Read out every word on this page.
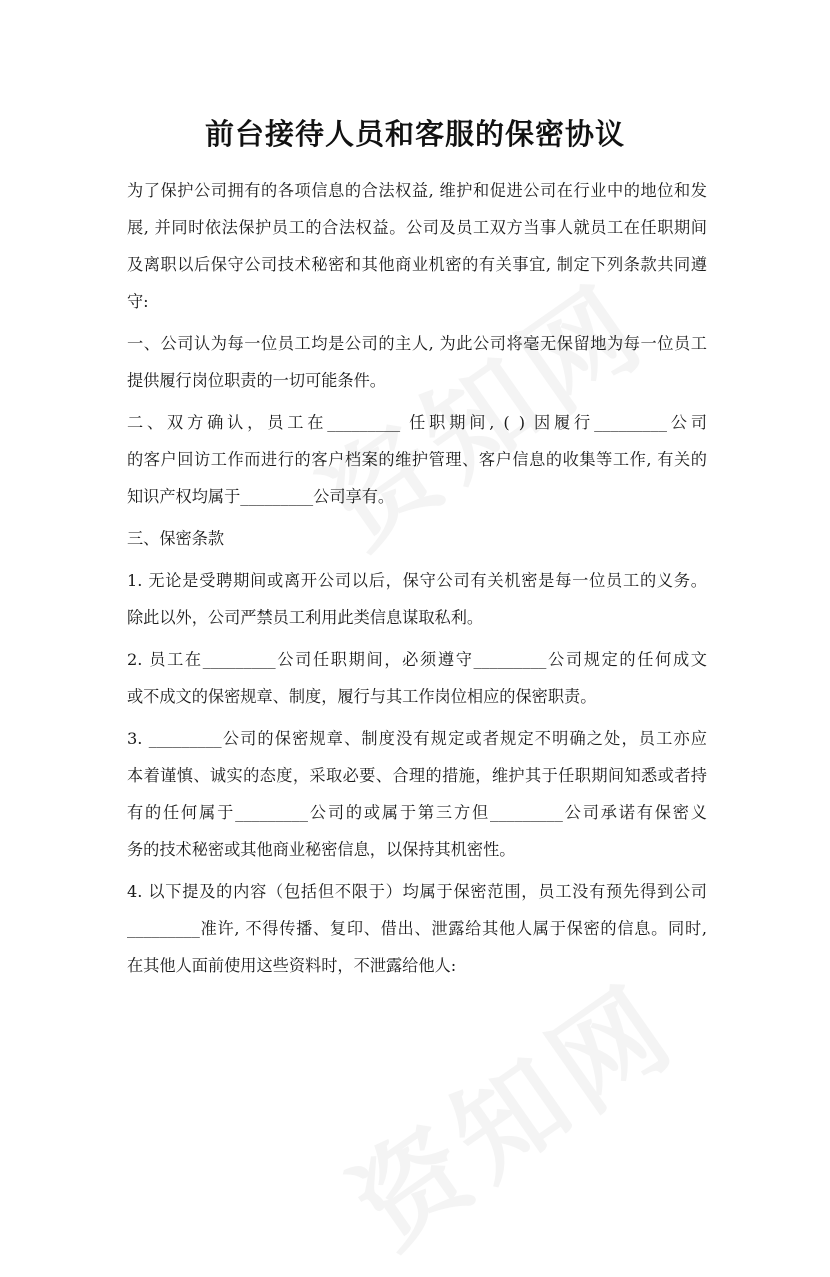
前台接待人员和客服的保密协议
为了保护公司拥有的各项信息的合法权益, 维护和促进公司在行业中的地位和发
展, 并同时依法保护员工的合法权益。公司及员工双方当事人就员工在任职期间
及离职以后保守公司技术秘密和其他商业机密的有关事宜, 制定下列条款共同遵
守:
一、公司认为每一位员工均是公司的主人, 为此公司将毫无保留地为每一位员工
提供履行岗位职责的一切可能条件。
二、双方确认，员工在_________ 任职期间, ( ) 因履行_________公司
的客户回访工作而进行的客户档案的维护管理、客户信息的收集等工作, 有关的
知识产权均属于_________公司享有。
三、保密条款
1. 无论是受聘期间或离开公司以后，保守公司有关机密是每一位员工的义务。
除此以外，公司严禁员工利用此类信息谋取私利。
2. 员工在_________公司任职期间，必须遵守_________公司规定的任何成文
或不成文的保密规章、制度，履行与其工作岗位相应的保密职责。
3. _________公司的保密规章、制度没有规定或者规定不明确之处，员工亦应
本着谨慎、诚实的态度，采取必要、合理的措施，维护其于任职期间知悉或者持
有的任何属于_________公司的或属于第三方但_________公司承诺有保密义
务的技术秘密或其他商业秘密信息，以保持其机密性。
4. 以下提及的内容（包括但不限于）均属于保密范围，员工没有预先得到公司
_________准许, 不得传播、复印、借出、泄露给其他人属于保密的信息。同时,
在其他人面前使用这些资料时，不泄露给他人:
